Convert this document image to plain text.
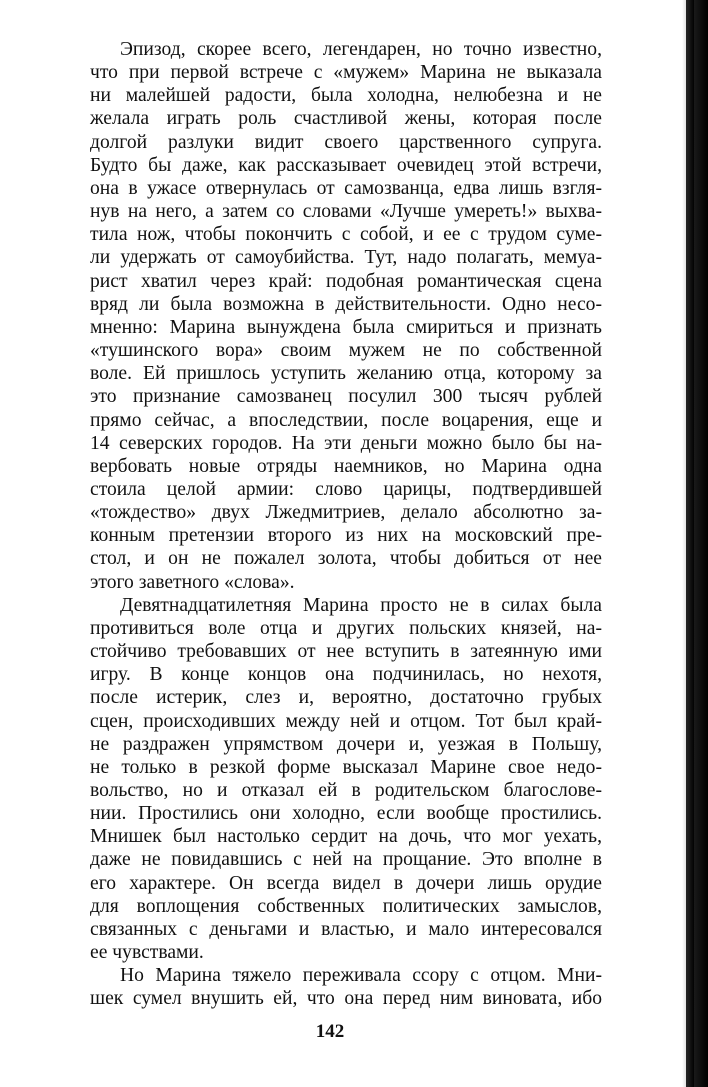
Эпизод, скорее всего, легендарен, но точно известно,
что при первой встрече с «мужем» Марина не выказала
ни малейшей радости, была холодна, нелюбезна и не
желала играть роль счастливой жены, которая после
долгой разлуки видит своего царственного супруга.
Будто бы даже, как рассказывает очевидец этой встречи,
она в ужасе отвернулась от самозванца, едва лишь взгля-
нув на него, а затем со словами «Лучше умереть!» выхва-
тила нож, чтобы покончить с собой, и ее с трудом суме-
ли удержать от самоубийства. Тут, надо полагать, мемуа-
рист хватил через край: подобная романтическая сцена
вряд ли была возможна в действительности. Одно несо-
мненно: Марина вынуждена была смириться и признать
«тушинского вора» своим мужем не по собственной
воле. Ей пришлось уступить желанию отца, которому за
это признание самозванец посулил 300 тысяч рублей
прямо сейчас, а впоследствии, после воцарения, еще и
14 северских городов. На эти деньги можно было бы на-
вербовать новые отряды наемников, но Марина одна
стоила целой армии: слово царицы, подтвердившей
«тождество» двух Лжедмитриев, делало абсолютно за-
конным претензии второго из них на московский пре-
стол, и он не пожалел золота, чтобы добиться от нее
этого заветного «слова».

Девятнадцатилетняя Марина просто не в силах была
противиться воле отца и других польских князей, на-
стойчиво требовавших от нее вступить в затеянную ими
игру. В конце концов она подчинилась, но нехотя,
после истерик, слез и, вероятно, достаточно грубых
сцен, происходивших между ней и отцом. Тот был край-
не раздражен упрямством дочери и, уезжая в Польшу,
не только в резкой форме высказал Марине свое недо-
вольство, но и отказал ей в родительском благослове-
нии. Простились они холодно, если вообще простились.
Мнишек был настолько сердит на дочь, что мог уехать,
даже не повидавшись с ней на прощание. Это вполне в
его характере. Он всегда видел в дочери лишь орудие
для воплощения собственных политических замыслов,
связанных с деньгами и властью, и мало интересовался
ее чувствами.

Но Марина тяжело переживала ссору с отцом. Мни-
шек сумел внушить ей, что она перед ним виновата, ибо

142
